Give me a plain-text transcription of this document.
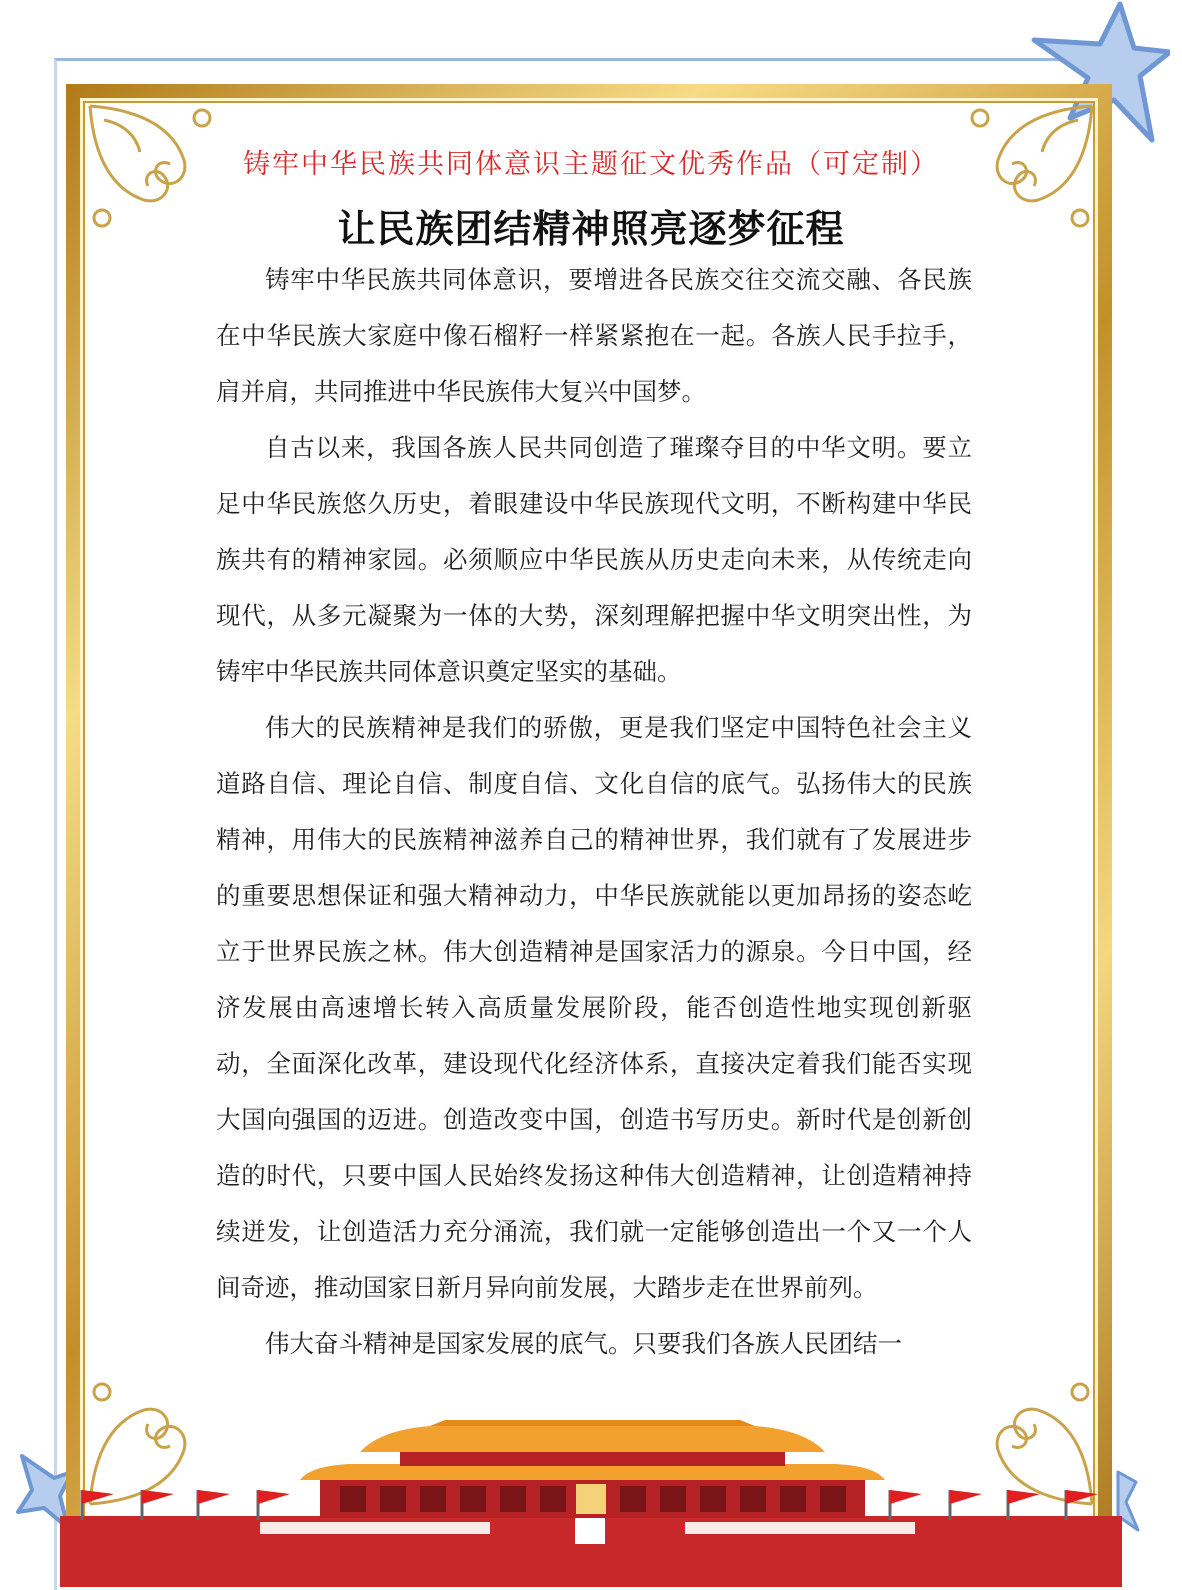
铸牢中华民族共同体意识主题征文优秀作品（可定制）
让民族团结精神照亮逐梦征程

铸牢中华民族共同体意识，要增进各民族交往交流交融、各民族在中华民族大家庭中像石榴籽一样紧紧抱在一起。各族人民手拉手，肩并肩，共同推进中华民族伟大复兴中国梦。

自古以来，我国各族人民共同创造了璀璨夺目的中华文明。要立足中华民族悠久历史，着眼建设中华民族现代文明，不断构建中华民族共有的精神家园。必须顺应中华民族从历史走向未来，从传统走向现代，从多元凝聚为一体的大势，深刻理解把握中华文明突出性，为铸牢中华民族共同体意识奠定坚实的基础。

伟大的民族精神是我们的骄傲，更是我们坚定中国特色社会主义道路自信、理论自信、制度自信、文化自信的底气。弘扬伟大的民族精神，用伟大的民族精神滋养自己的精神世界，我们就有了发展进步的重要思想保证和强大精神动力，中华民族就能以更加昂扬的姿态屹立于世界民族之林。伟大创造精神是国家活力的源泉。今日中国，经济发展由高速增长转入高质量发展阶段，能否创造性地实现创新驱动，全面深化改革，建设现代化经济体系，直接决定着我们能否实现大国向强国的迈进。创造改变中国，创造书写历史。新时代是创新创造的时代，只要中国人民始终发扬这种伟大创造精神，让创造精神持续迸发，让创造活力充分涌流，我们就一定能够创造出一个又一个人间奇迹，推动国家日新月异向前发展，大踏步走在世界前列。

伟大奋斗精神是国家发展的底气。只要我们各族人民团结一
